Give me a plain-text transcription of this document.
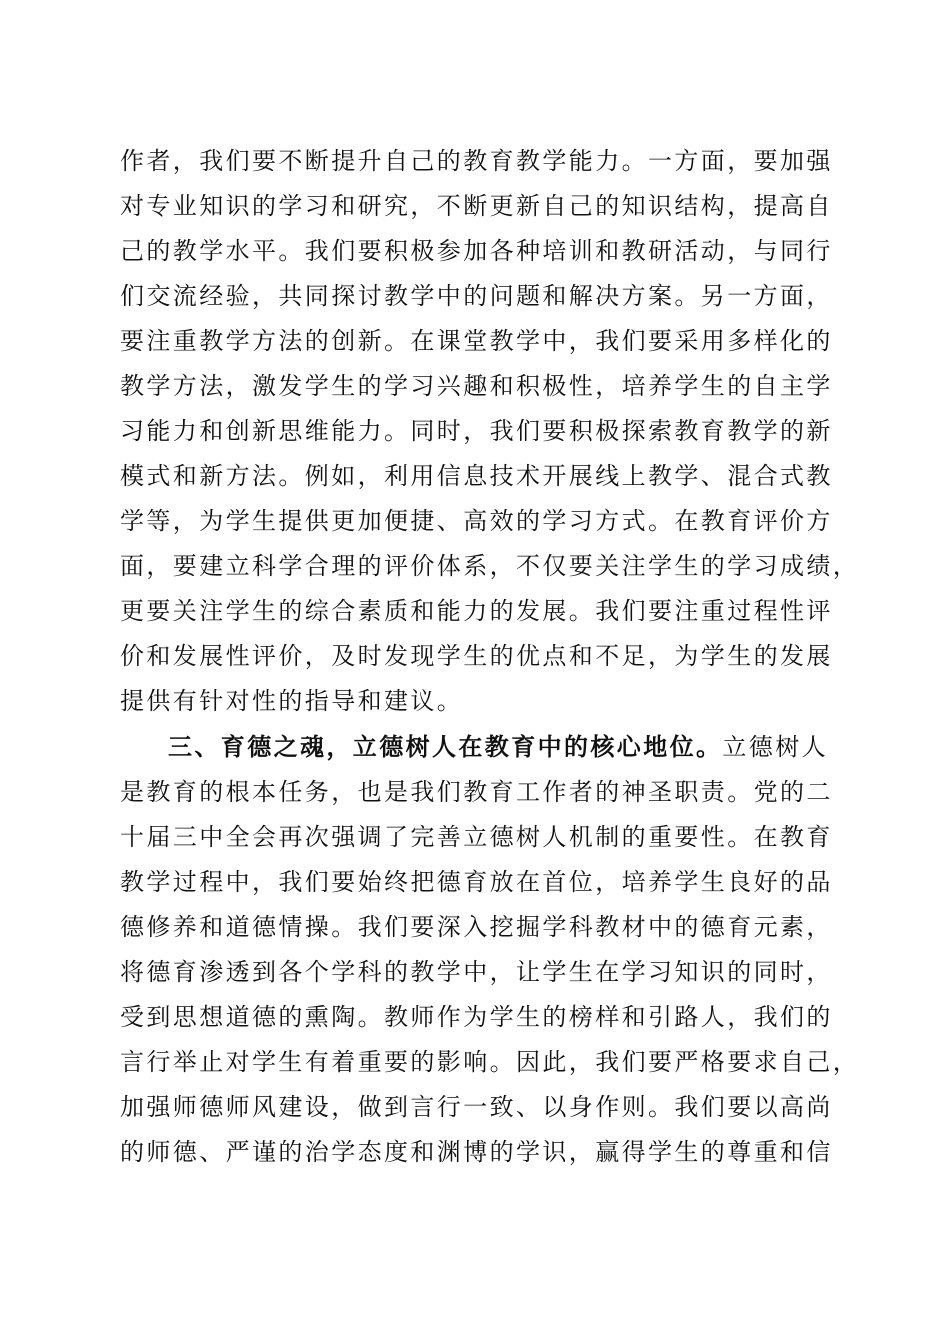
作者，我们要不断提升自己的教育教学能力。一方面，要加强
对专业知识的学习和研究，不断更新自己的知识结构，提高自
己的教学水平。我们要积极参加各种培训和教研活动，与同行
们交流经验，共同探讨教学中的问题和解决方案。另一方面，
要注重教学方法的创新。在课堂教学中，我们要采用多样化的
教学方法，激发学生的学习兴趣和积极性，培养学生的自主学
习能力和创新思维能力。同时，我们要积极探索教育教学的新
模式和新方法。例如，利用信息技术开展线上教学、混合式教
学等，为学生提供更加便捷、高效的学习方式。在教育评价方
面，要建立科学合理的评价体系，不仅要关注学生的学习成绩，
更要关注学生的综合素质和能力的发展。我们要注重过程性评
价和发展性评价，及时发现学生的优点和不足，为学生的发展
提供有针对性的指导和建议。
三、育德之魂，立德树人在教育中的核心地位。立德树人
是教育的根本任务，也是我们教育工作者的神圣职责。党的二
十届三中全会再次强调了完善立德树人机制的重要性。在教育
教学过程中，我们要始终把德育放在首位，培养学生良好的品
德修养和道德情操。我们要深入挖掘学科教材中的德育元素，
将德育渗透到各个学科的教学中，让学生在学习知识的同时，
受到思想道德的熏陶。教师作为学生的榜样和引路人，我们的
言行举止对学生有着重要的影响。因此，我们要严格要求自己，
加强师德师风建设，做到言行一致、以身作则。我们要以高尚
的师德、严谨的治学态度和渊博的学识，赢得学生的尊重和信
